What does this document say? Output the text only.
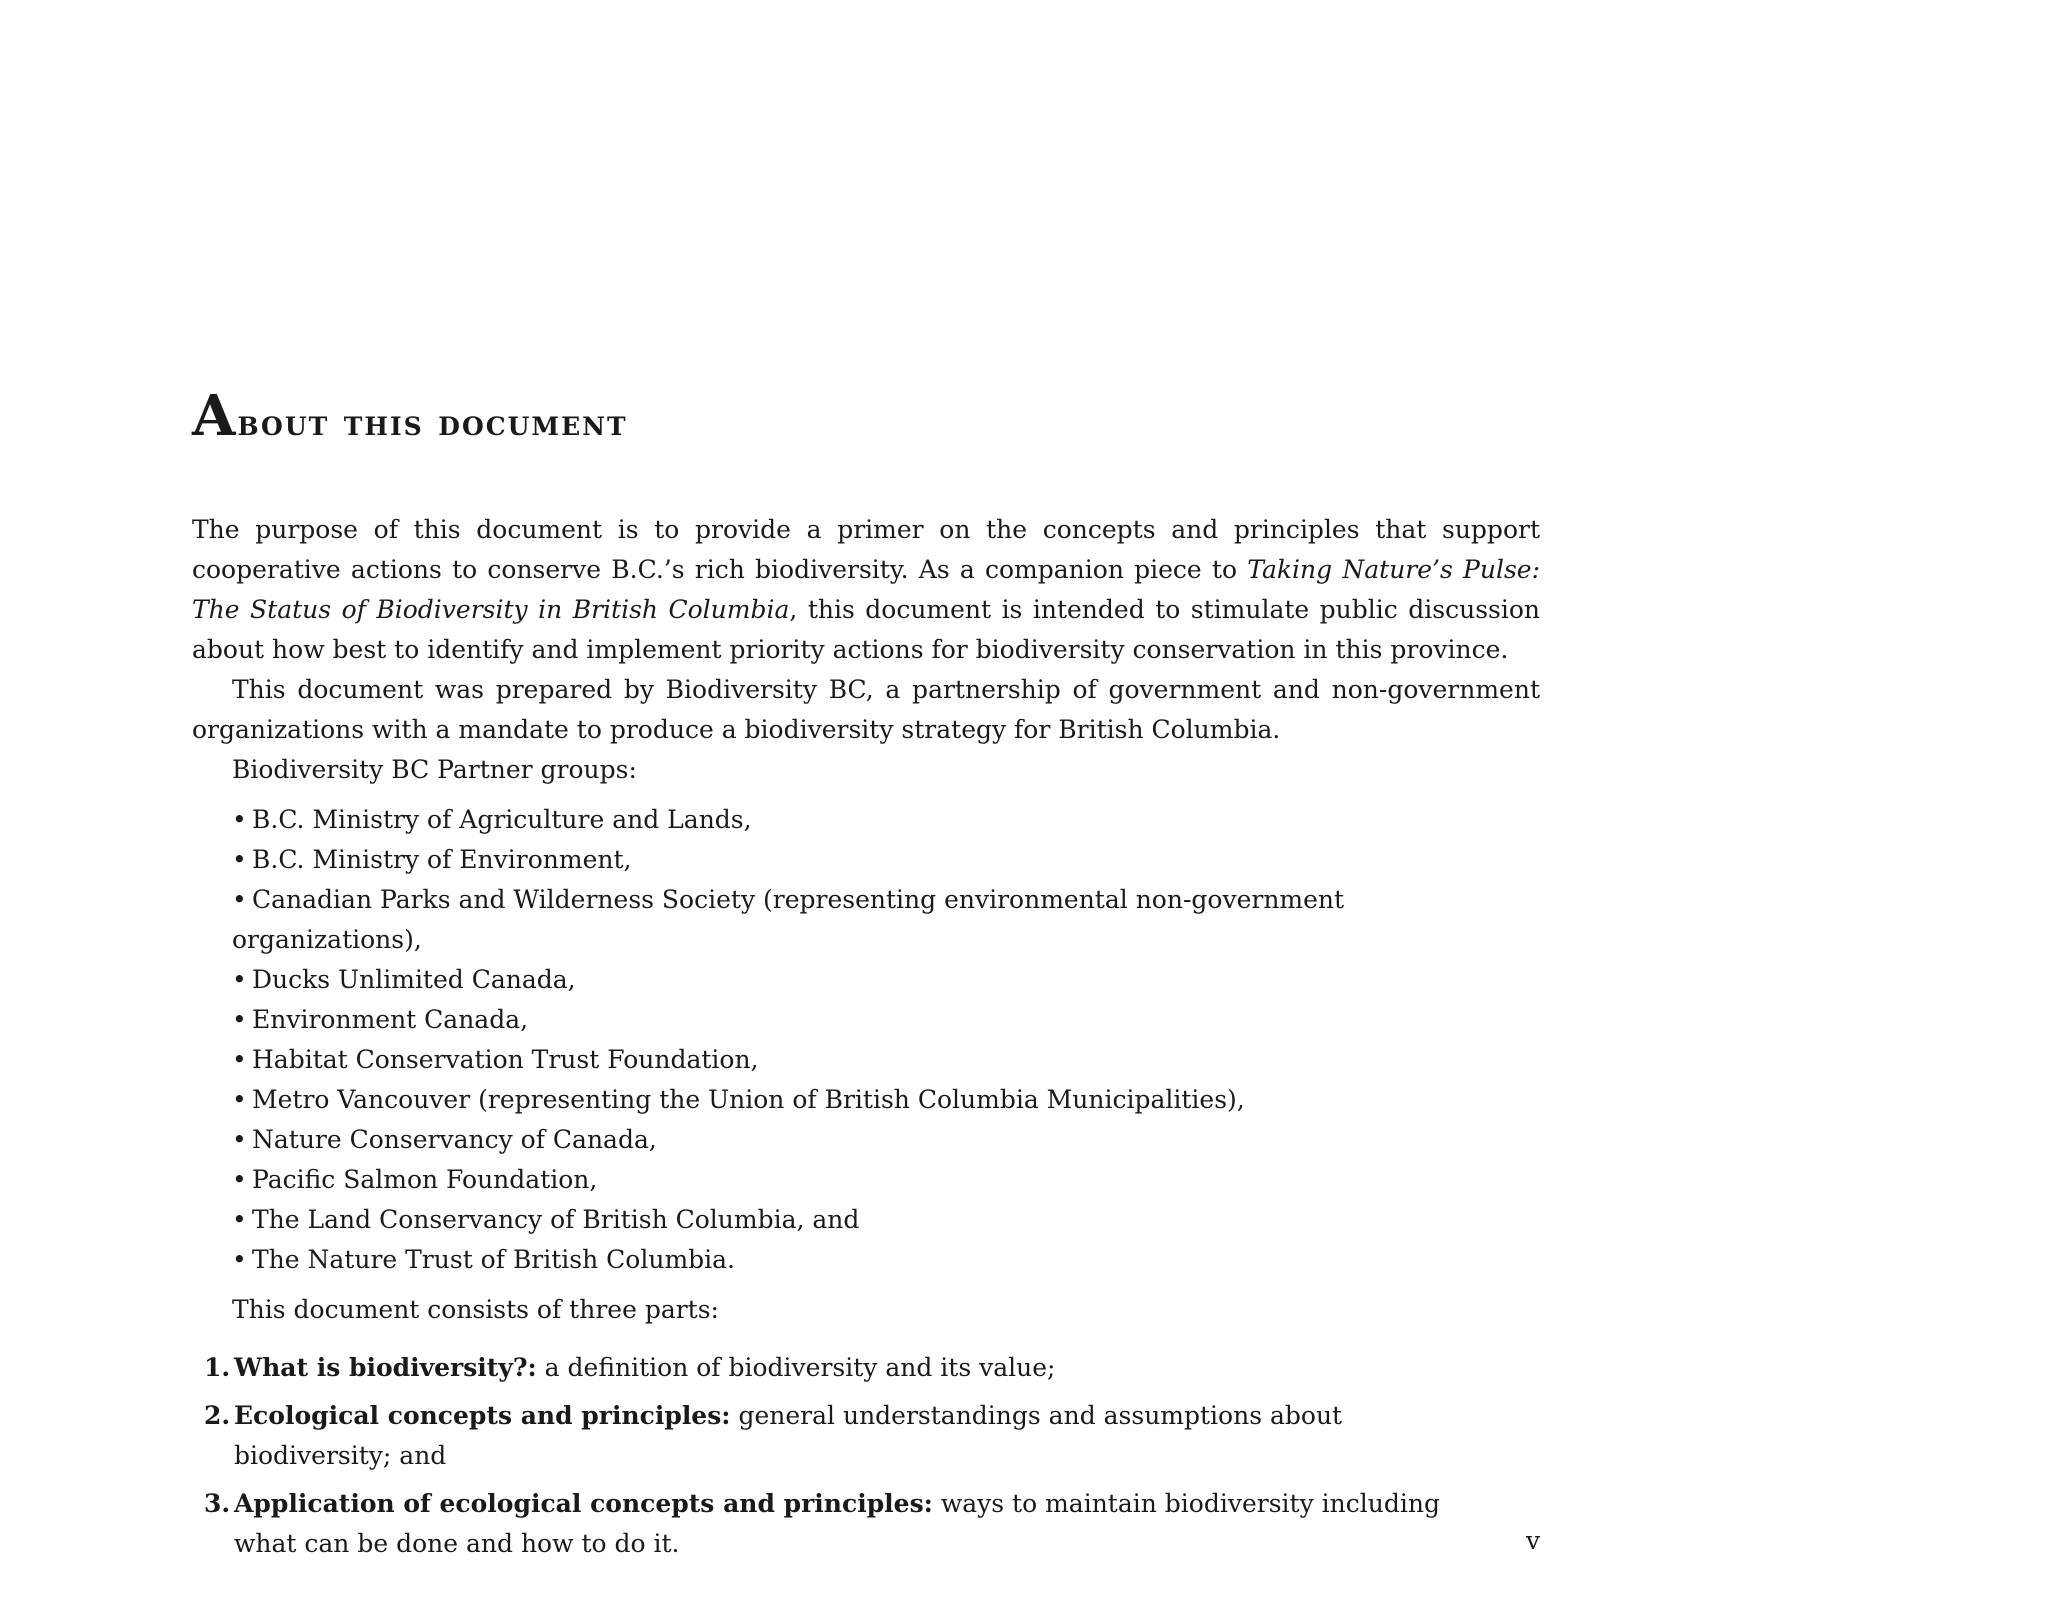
About this document

The purpose of this document is to provide a primer on the concepts and principles that support cooperative actions to conserve B.C.’s rich biodiversity. As a companion piece to Taking Nature’s Pulse: The Status of Biodiversity in British Columbia, this document is intended to stimulate public discussion about how best to identify and implement priority actions for biodiversity conservation in this province.

This document was prepared by Biodiversity BC, a partnership of government and non-government organizations with a mandate to produce a biodiversity strategy for British Columbia.

Biodiversity BC Partner groups:

• B.C. Ministry of Agriculture and Lands,
• B.C. Ministry of Environment,
• Canadian Parks and Wilderness Society (representing environmental non-government organizations),
• Ducks Unlimited Canada,
• Environment Canada,
• Habitat Conservation Trust Foundation,
• Metro Vancouver (representing the Union of British Columbia Municipalities),
• Nature Conservancy of Canada,
• Pacific Salmon Foundation,
• The Land Conservancy of British Columbia, and
• The Nature Trust of British Columbia.

This document consists of three parts:

1. What is biodiversity?: a definition of biodiversity and its value;
2. Ecological concepts and principles: general understandings and assumptions about biodiversity; and
3. Application of ecological concepts and principles: ways to maintain biodiversity including what can be done and how to do it.	v
